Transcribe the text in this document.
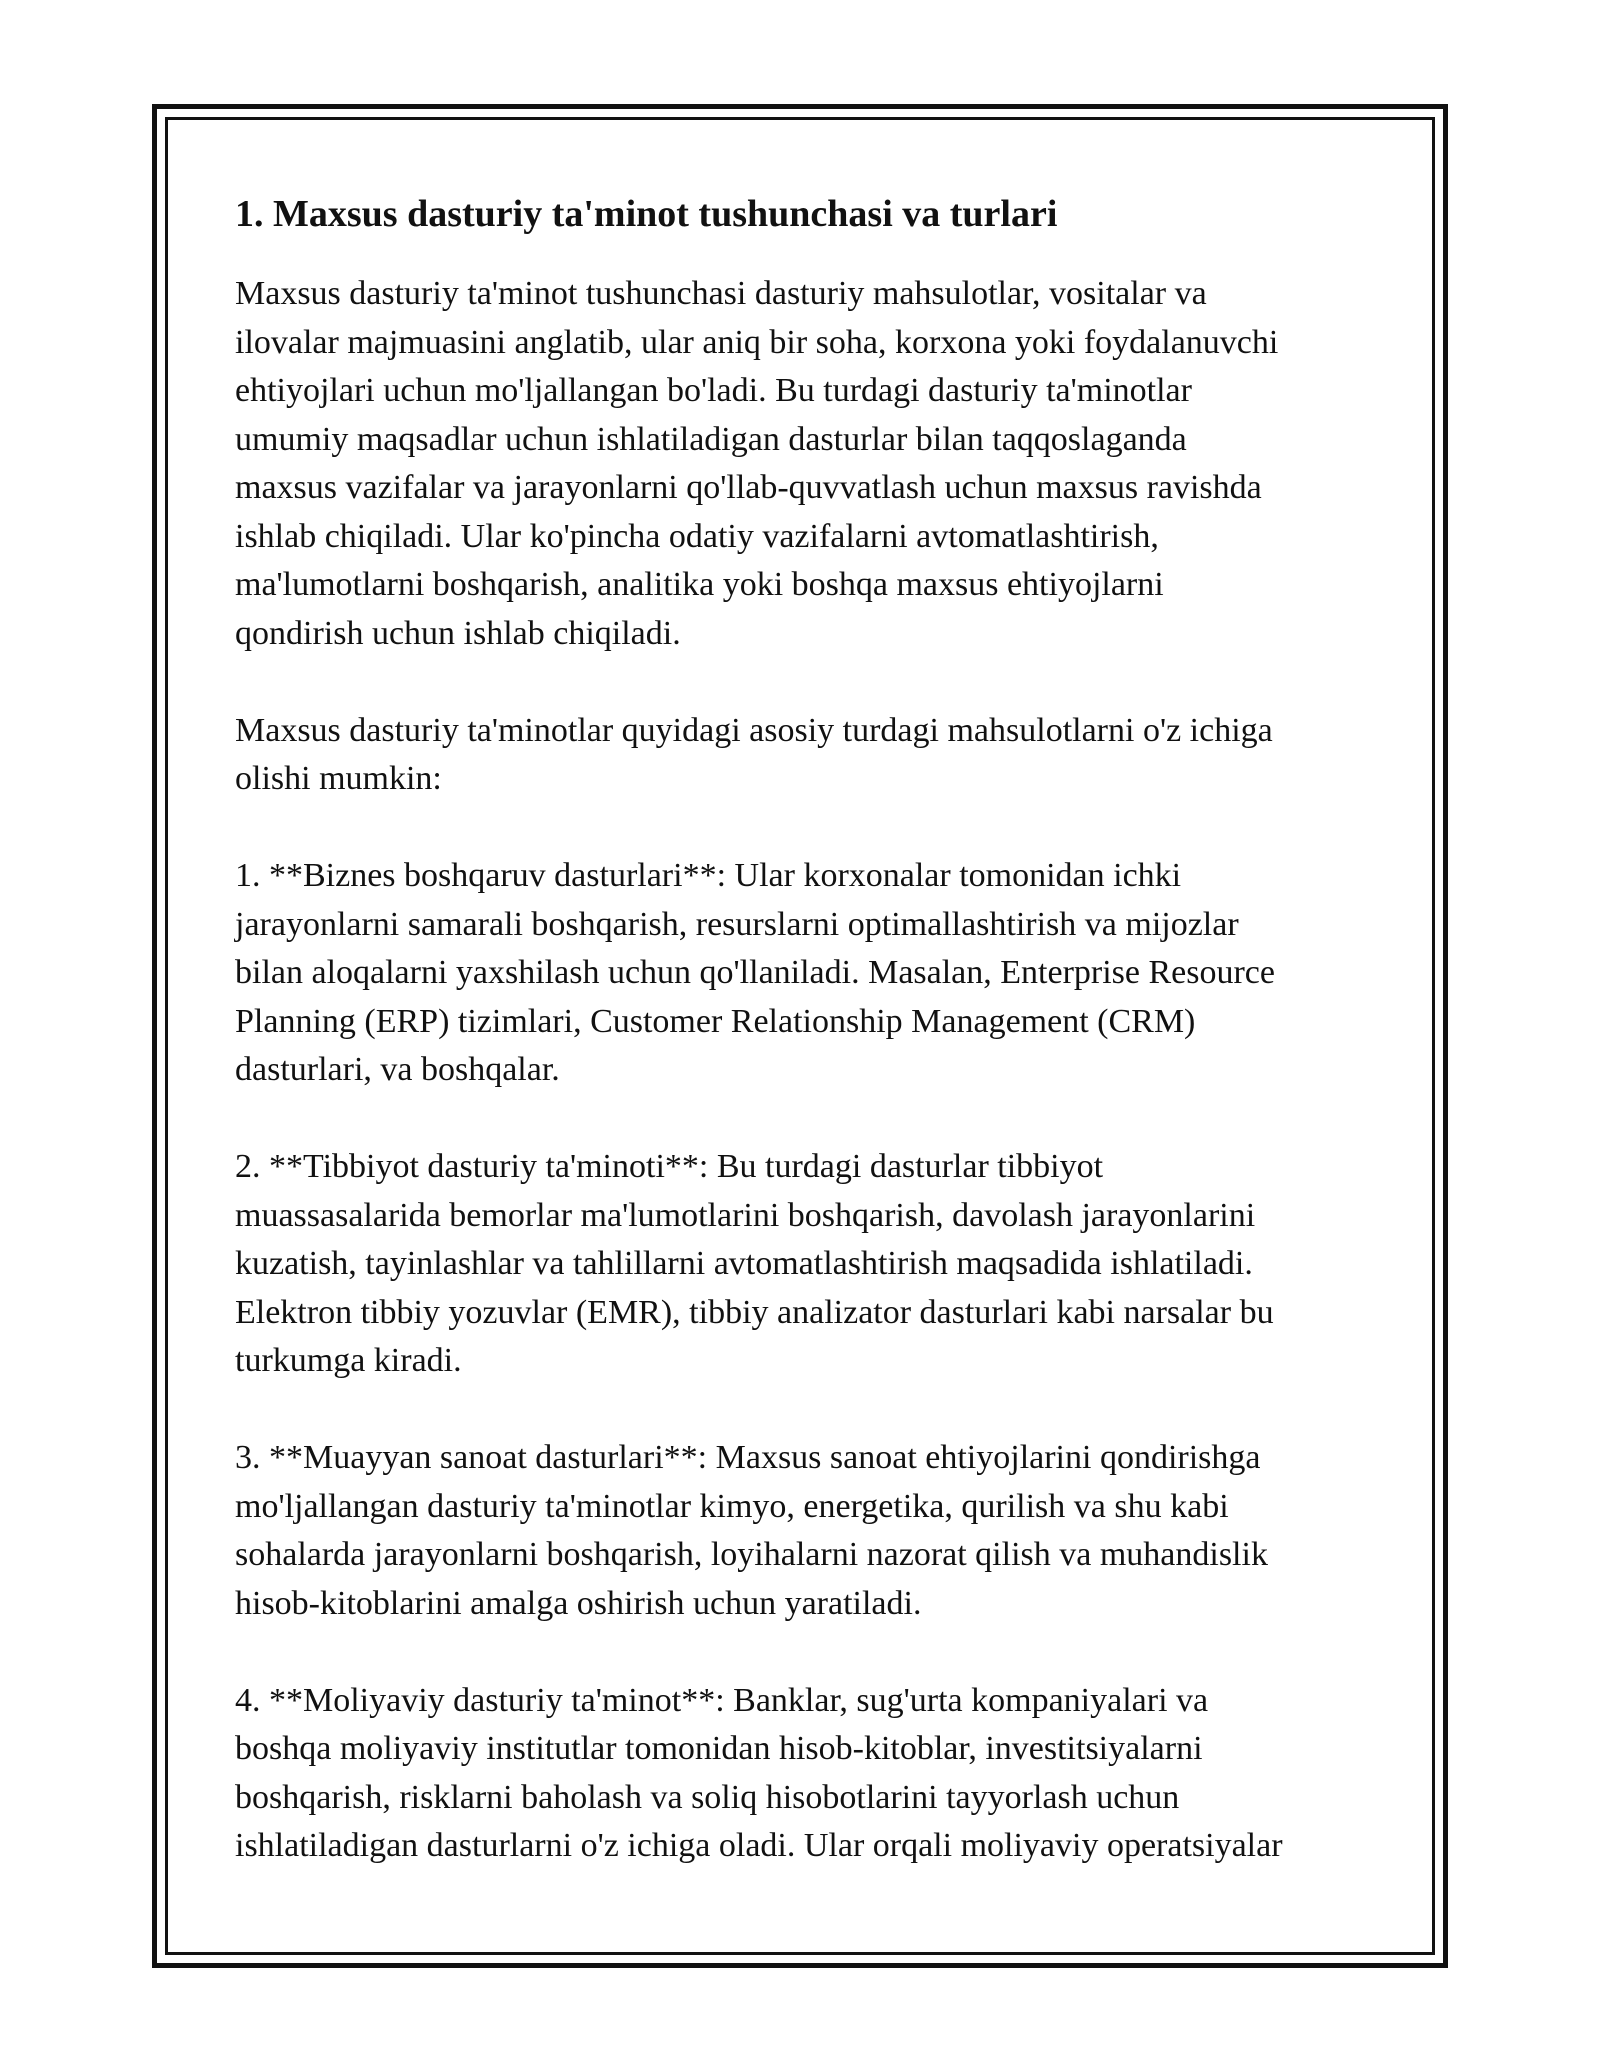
1. Maxsus dasturiy ta'minot tushunchasi va turlari

Maxsus dasturiy ta'minot tushunchasi dasturiy mahsulotlar, vositalar va
ilovalar majmuasini anglatib, ular aniq bir soha, korxona yoki foydalanuvchi
ehtiyojlari uchun mo'ljallangan bo'ladi. Bu turdagi dasturiy ta'minotlar
umumiy maqsadlar uchun ishlatiladigan dasturlar bilan taqqoslaganda
maxsus vazifalar va jarayonlarni qo'llab-quvvatlash uchun maxsus ravishda
ishlab chiqiladi. Ular ko'pincha odatiy vazifalarni avtomatlashtirish,
ma'lumotlarni boshqarish, analitika yoki boshqa maxsus ehtiyojlarni
qondirish uchun ishlab chiqiladi.

Maxsus dasturiy ta'minotlar quyidagi asosiy turdagi mahsulotlarni o'z ichiga
olishi mumkin:

1. **Biznes boshqaruv dasturlari**: Ular korxonalar tomonidan ichki
jarayonlarni samarali boshqarish, resurslarni optimallashtirish va mijozlar
bilan aloqalarni yaxshilash uchun qo'llaniladi. Masalan, Enterprise Resource
Planning (ERP) tizimlari, Customer Relationship Management (CRM)
dasturlari, va boshqalar.

2. **Tibbiyot dasturiy ta'minoti**: Bu turdagi dasturlar tibbiyot
muassasalarida bemorlar ma'lumotlarini boshqarish, davolash jarayonlarini
kuzatish, tayinlashlar va tahlillarni avtomatlashtirish maqsadida ishlatiladi.
Elektron tibbiy yozuvlar (EMR), tibbiy analizator dasturlari kabi narsalar bu
turkumga kiradi.

3. **Muayyan sanoat dasturlari**: Maxsus sanoat ehtiyojlarini qondirishga
mo'ljallangan dasturiy ta'minotlar kimyo, energetika, qurilish va shu kabi
sohalarda jarayonlarni boshqarish, loyihalarni nazorat qilish va muhandislik
hisob-kitoblarini amalga oshirish uchun yaratiladi.

4. **Moliyaviy dasturiy ta'minot**: Banklar, sug'urta kompaniyalari va
boshqa moliyaviy institutlar tomonidan hisob-kitoblar, investitsiyalarni
boshqarish, risklarni baholash va soliq hisobotlarini tayyorlash uchun
ishlatiladigan dasturlarni o'z ichiga oladi. Ular orqali moliyaviy operatsiyalar
